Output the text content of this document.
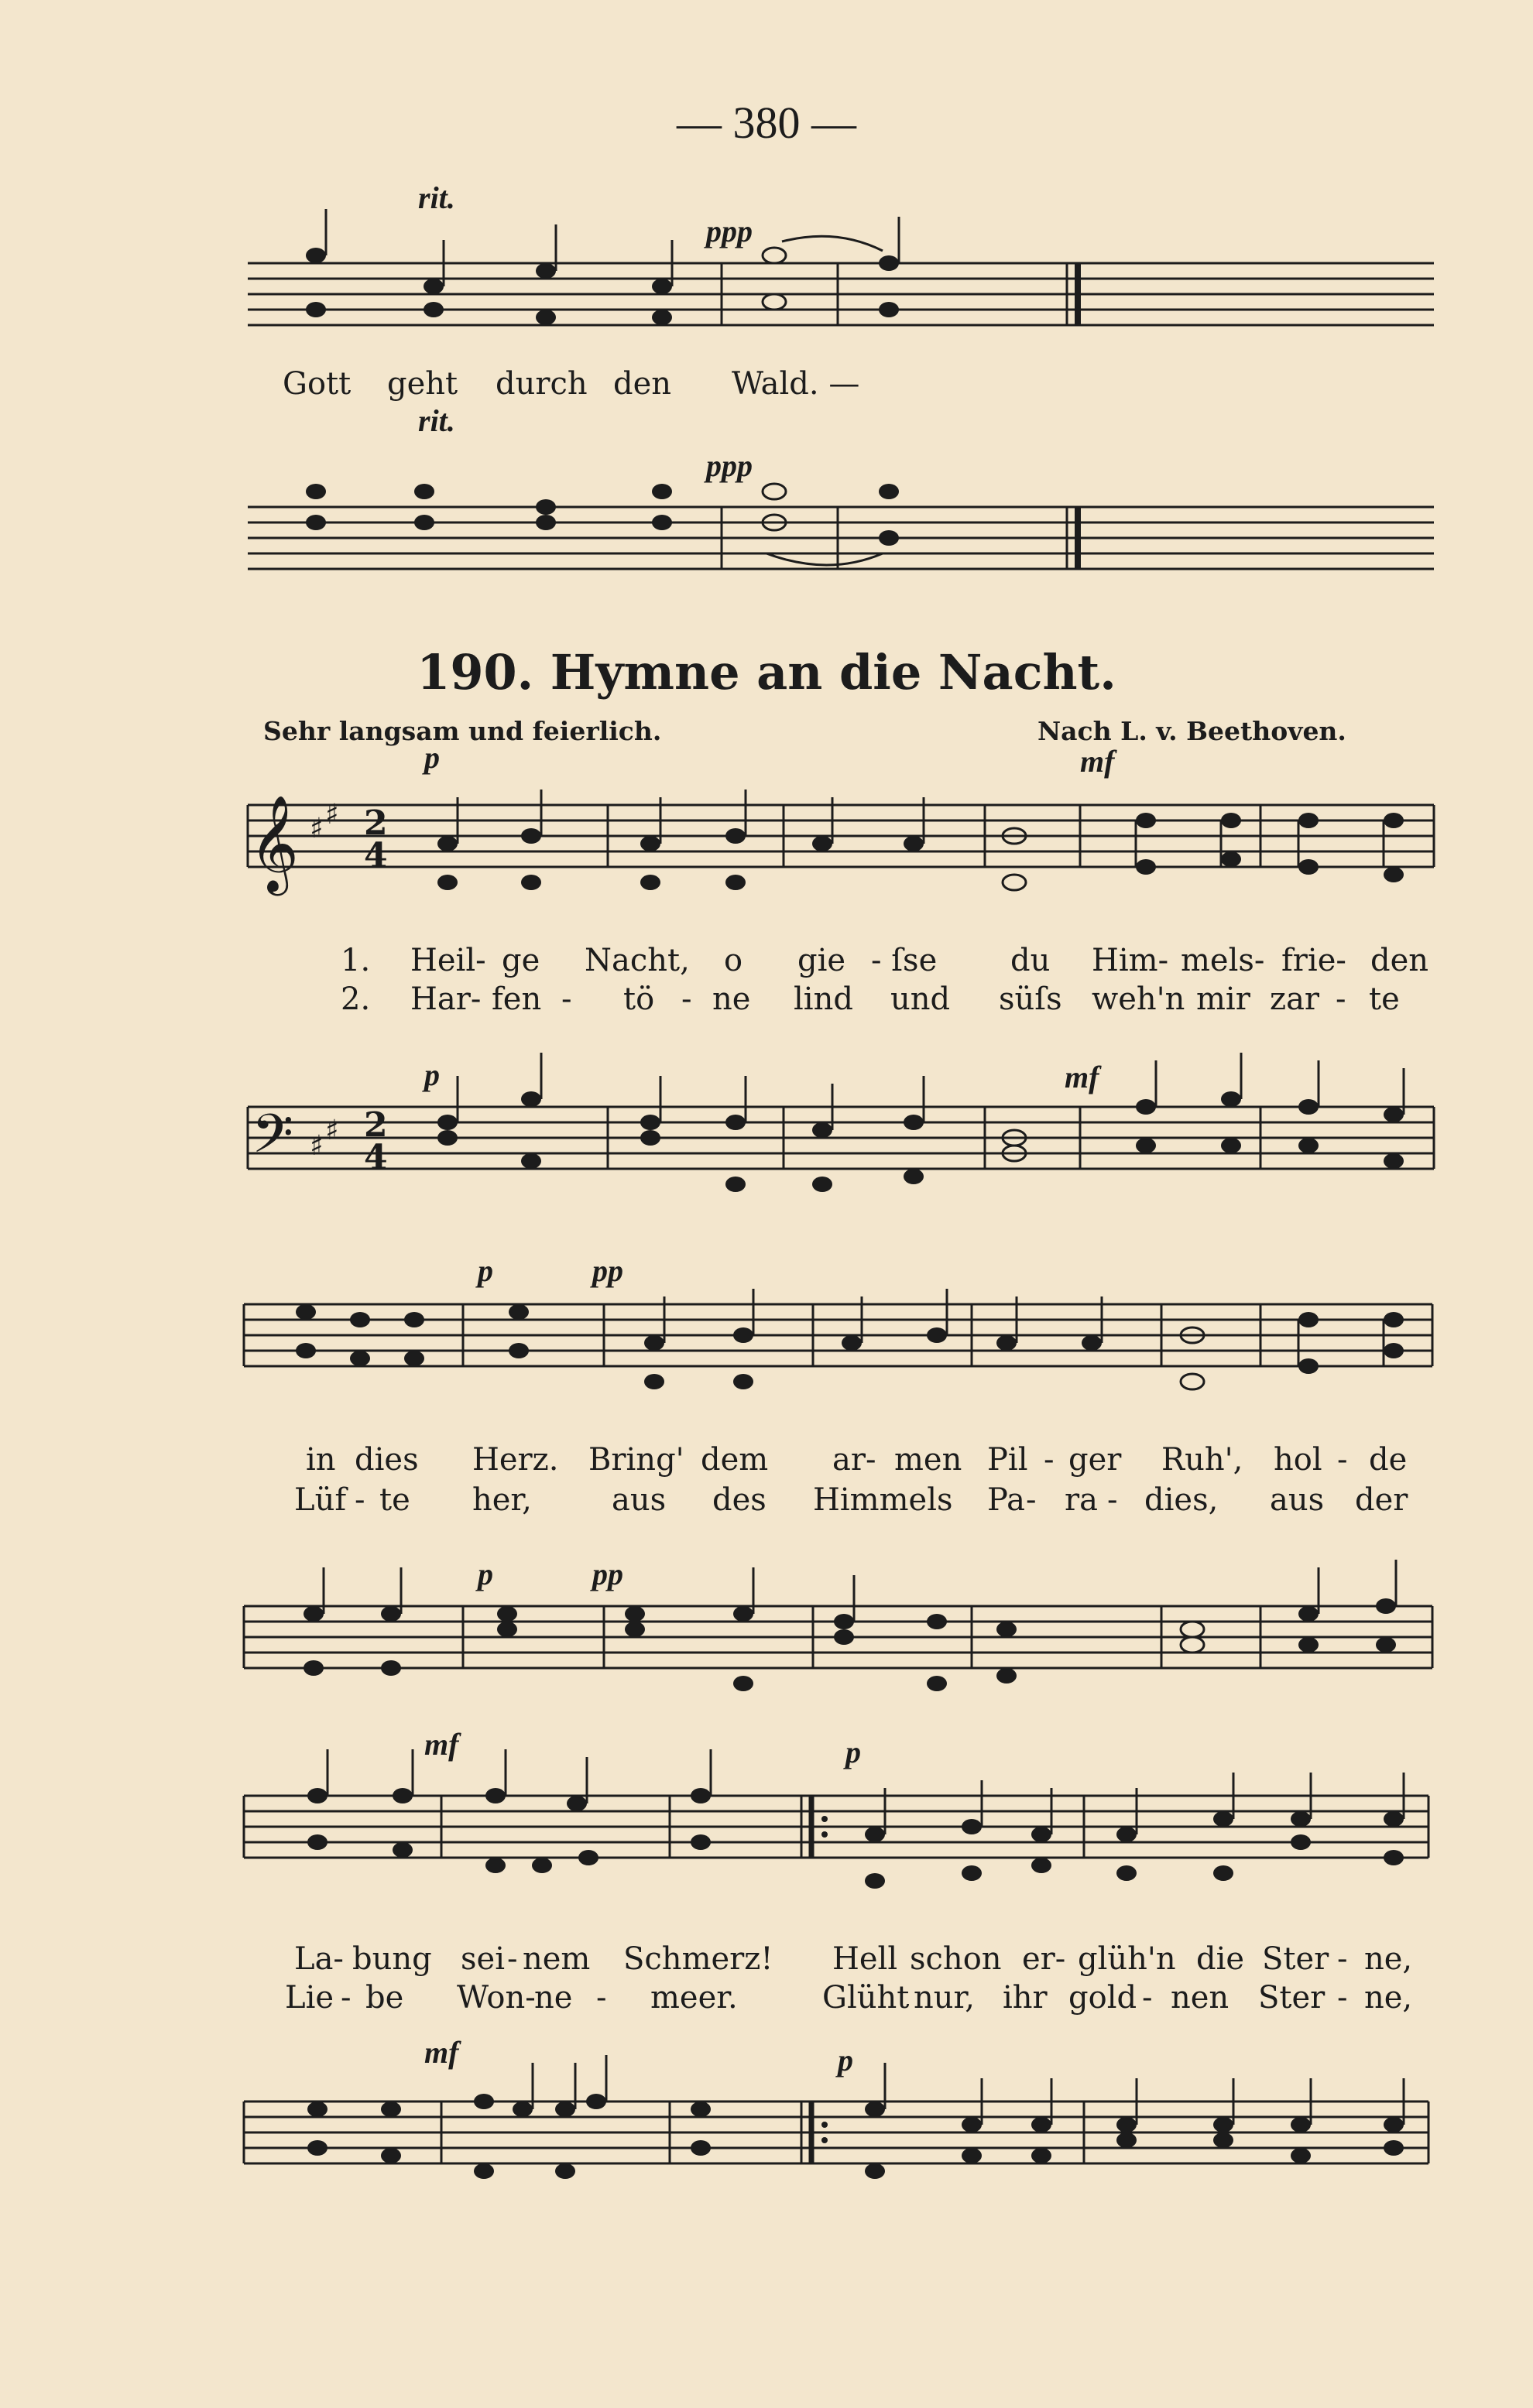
— 380 —
rit.
ppp
Gott geht durch den Wald. —
rit.
ppp
190. Hymne an die Nacht.
Sehr langsam und feierlich.	Nach L. v. Beethoven.
p	mf
𝄞 ♯ ♯ 2
4
1. Heil- ge Nacht, o gie - ſse du Him- mels- frie- den
2. Har- fen - tö - ne lind und süſs weh'n mir zar - te
p	mf
𝄢 ♯ ♯ 2
4
p	pp
in dies Herz. Bring' dem ar- men Pil - ger Ruh', hol - de
Lüf - te her,	aus des Himmels Pa - ra - dies, aus der
p	pp
mf	p
La- bung sei - nem Schmerz! Hell schon er- glüh'n die Ster - ne,
Lie - be Won-
ne - meer.	Glüht nur, ihr gold - nen Ster - ne,
mf	p
